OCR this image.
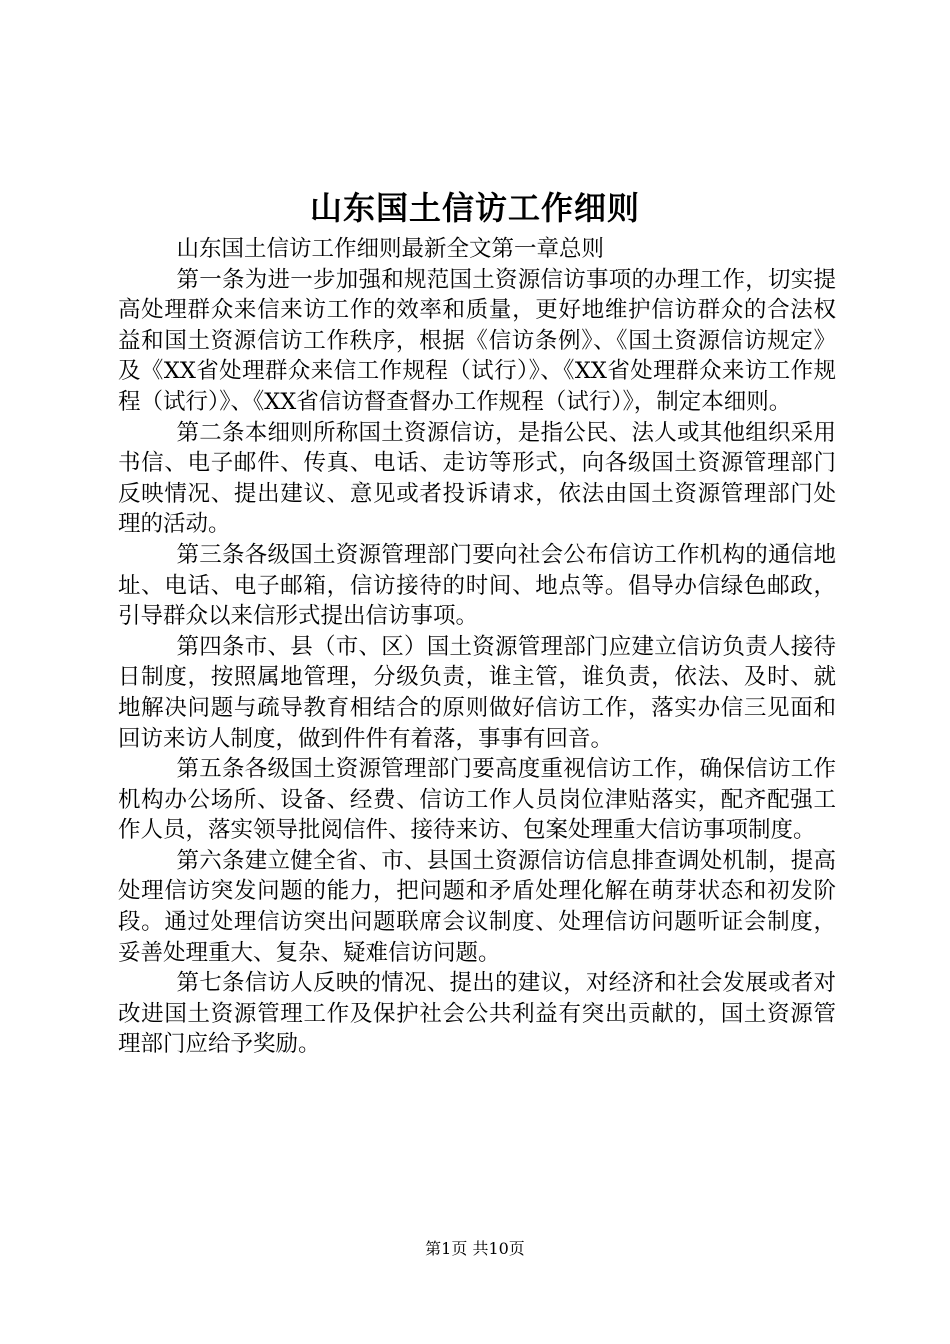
山东国土信访工作细则

山东国土信访工作细则最新全文第一章总则

第一条为进一步加强和规范国土资源信访事项的办理工作，切实提高处理群众来信来访工作的效率和质量，更好地维护信访群众的合法权益和国土资源信访工作秩序，根据《信访条例》、《国土资源信访规定》及《XX省处理群众来信工作规程（试行）》、《XX省处理群众来访工作规程（试行）》、《XX省信访督查督办工作规程（试行）》，制定本细则。

第二条本细则所称国土资源信访，是指公民、法人或其他组织采用书信、电子邮件、传真、电话、走访等形式，向各级国土资源管理部门反映情况、提出建议、意见或者投诉请求，依法由国土资源管理部门处理的活动。

第三条各级国土资源管理部门要向社会公布信访工作机构的通信地址、电话、电子邮箱，信访接待的时间、地点等。倡导办信绿色邮政，引导群众以来信形式提出信访事项。

第四条市、县（市、区）国土资源管理部门应建立信访负责人接待日制度，按照属地管理，分级负责，谁主管，谁负责，依法、及时、就地解决问题与疏导教育相结合的原则做好信访工作，落实办信三见面和回访来访人制度，做到件件有着落，事事有回音。

第五条各级国土资源管理部门要高度重视信访工作，确保信访工作机构办公场所、设备、经费、信访工作人员岗位津贴落实，配齐配强工作人员，落实领导批阅信件、接待来访、包案处理重大信访事项制度。

第六条建立健全省、市、县国土资源信访信息排查调处机制，提高处理信访突发问题的能力，把问题和矛盾处理化解在萌芽状态和初发阶段。通过处理信访突出问题联席会议制度、处理信访问题听证会制度，妥善处理重大、复杂、疑难信访问题。

第七条信访人反映的情况、提出的建议，对经济和社会发展或者对改进国土资源管理工作及保护社会公共利益有突出贡献的，国土资源管理部门应给予奖励。

第1页 共10页
